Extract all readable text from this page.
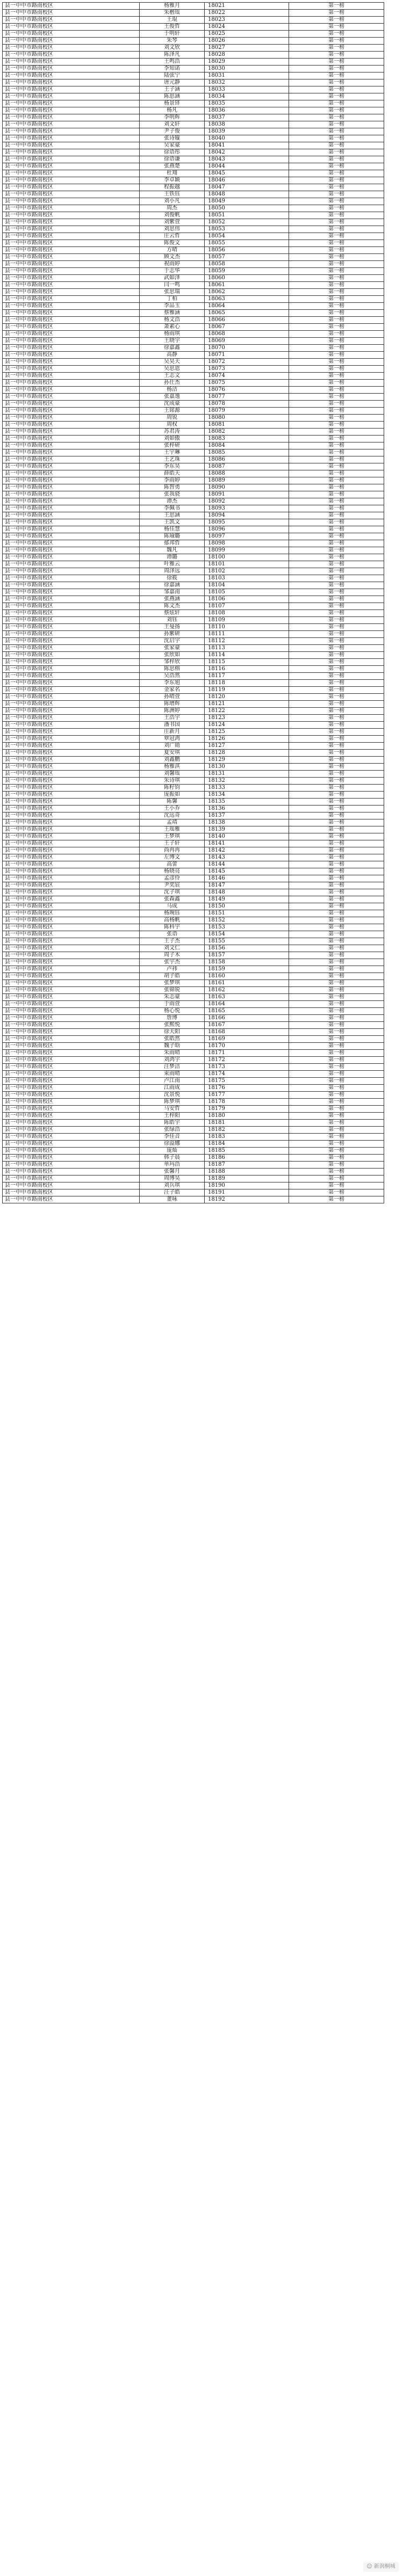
县一中中市路南校区	杨雅月	18021	第一榜
县一中中市路南校区	朱楷瑶	18022	第一榜
县一中中市路南校区	王琨	18023	第一榜
县一中中市路南校区	王俊哲	18024	第一榜
县一中中市路南校区	于明轩	18025	第一榜
县一中中市路南校区	朱琴	18026	第一榜
县一中中市路南校区	刘文欣	18027	第一榜
县一中中市路南校区	陈泽凡	18028	第一榜
县一中中市路南校区	王鸣浩	18029	第一榜
县一中中市路南校区	李知诺	18030	第一榜
县一中中市路南校区	陆弦宁	18031	第一榜
县一中中市路南校区	唐元静	18032	第一榜
县一中中市路南校区	王子涵	18033	第一榜
县一中中市路南校区	陈思涵	18034	第一榜
县一中中市路南校区	杨景铎	18035	第一榜
县一中中市路南校区	杨凡	18036	第一榜
县一中中市路南校区	李明辉	18037	第一榜
县一中中市路南校区	刘文轩	18038	第一榜
县一中中市路南校区	尹子俊	18039	第一榜
县一中中市路南校区	张诗璇	18040	第一榜
县一中中市路南校区	吴家豪	18041	第一榜
县一中中市路南校区	徐语彤	18042	第一榜
县一中中市路南校区	徐语谦	18043	第一榜
县一中中市路南校区	张燕楚	18044	第一榜
县一中中市路南校区	杜翔	18045	第一榜
县一中中市路南校区	李卓颖	18046	第一榜
县一中中市路南校区	程振越	18047	第一榜
县一中中市路南校区	王铁钰	18048	第一榜
县一中中市路南校区	刘小凡	18049	第一榜
县一中中市路南校区	周杰	18050	第一榜
县一中中市路南校区	刘俊帆	18051	第一榜
县一中中市路南校区	刘紫萱	18052	第一榜
县一中中市路南校区	刘思伟	18053	第一榜
县一中中市路南校区	庄云哲	18054	第一榜
县一中中市路南校区	陈俊文	18055	第一榜
县一中中市路南校区	方晴	18056	第一榜
县一中中市路南校区	顾文杰	18057	第一榜
县一中中市路南校区	祝雨婷	18058	第一榜
县一中中市路南校区	于志华	18059	第一榜
县一中中市路南校区	武如泽	18060	第一榜
县一中中市路南校区	闫一鸣	18061	第一榜
县一中中市路南校区	张思瑞	18062	第一榜
县一中中市路南校区	丁柏	18063	第一榜
县一中中市路南校区	李品玉	18064	第一榜
县一中中市路南校区	蔡雅涵	18065	第一榜
县一中中市路南校区	杨文浩	18066	第一榜
县一中中市路南校区	萧素心	18067	第一榜
县一中中市路南校区	杨雨琪	18068	第一榜
县一中中市路南校区	王晓宇	18069	第一榜
县一中中市路南校区	徐嘉鑫	18070	第一榜
县一中中市路南校区	高静	18071	第一榜
县一中中市路南校区	吴昊天	18072	第一榜
县一中中市路南校区	吴思恩	18073	第一榜
县一中中市路南校区	王志文	18074	第一榜
县一中中市路南校区	孙仕杰	18075	第一榜
县一中中市路南校区	杨洁	18076	第一榜
县一中中市路南校区	张嘉逸	18077	第一榜
县一中中市路南校区	沈成豪	18078	第一榜
县一中中市路南校区	王铭源	18079	第一榜
县一中中市路南校区	周锐	18080	第一榜
县一中中市路南校区	周权	18081	第一榜
县一中中市路南校区	苏君涛	18082	第一榜
县一中中市路南校区	刘如傲	18083	第一榜
县一中中市路南校区	张梓研	18084	第一榜
县一中中市路南校区	王宇琳	18085	第一榜
县一中中市路南校区	王艺珠	18086	第一榜
县一中中市路南校区	李东昊	18087	第一榜
县一中中市路南校区	薛皓天	18088	第一榜
县一中中市路南校区	李雨婷	18089	第一榜
县一中中市路南校区	陈智勇	18090	第一榜
县一中中市路南校区	张我骁	18091	第一榜
县一中中市路南校区	谭杰	18092	第一榜
县一中中市路南校区	李佩书	18093	第一榜
县一中中市路南校区	王思涵	18094	第一榜
县一中中市路南校区	王凯文	18095	第一榜
县一中中市路南校区	杨佳慧	18096	第一榜
县一中中市路南校区	陈瑜璐	18097	第一榜
县一中中市路南校区	郁邦哲	18098	第一榜
县一中中市路南校区	魏凡	18099	第一榜
县一中中市路南校区	谭璐	18100	第一榜
县一中中市路南校区	叶雅云	18101	第一榜
县一中中市路南校区	周泽远	18102	第一榜
县一中中市路南校区	徐筱	18103	第一榜
县一中中市路南校区	徐嘉涵	18104	第一榜
县一中中市路南校区	邹嘉南	18105	第一榜
县一中中市路南校区	张燕涵	18106	第一榜
县一中中市路南校区	陈文杰	18107	第一榜
县一中中市路南校区	蔡炫轩	18108	第一榜
县一中中市路南校区	刘钰	18109	第一榜
县一中中市路南校区	王曼扬	18110	第一榜
县一中中市路南校区	孙紫研	18111	第一榜
县一中中市路南校区	沈启宇	18112	第一榜
县一中中市路南校区	张家豪	18113	第一榜
县一中中市路南校区	张欣如	18114	第一榜
县一中中市路南校区	邹梓欣	18115	第一榜
县一中中市路南校区	陈思榕	18116	第一榜
县一中中市路南校区	吴浩然	18117	第一榜
县一中中市路南校区	李东旭	18118	第一榜
县一中中市路南校区	金家名	18119	第一榜
县一中中市路南校区	孙晴萱	18120	第一榜
县一中中市路南校区	陈增辉	18121	第一榜
县一中中市路南校区	陈洲婷	18122	第一榜
县一中中市路南校区	王浩宇	18123	第一榜
县一中中市路南校区	潘书国	18124	第一榜
县一中中市路南校区	庄新月	18125	第一榜
县一中中市路南校区	覃冠鸿	18126	第一榜
县一中中市路南校区	刘广勋	18127	第一榜
县一中中市路南校区	夏安琪	18128	第一榜
县一中中市路南校区	刘鑫鹏	18129	第一榜
县一中中市路南校区	杨雅淇	18130	第一榜
县一中中市路南校区	刘馨瑶	18131	第一榜
县一中中市路南校区	朱诗琪	18132	第一榜
县一中中市路南校区	陈籽钧	18133	第一榜
县一中中市路南校区	庞振如	18134	第一榜
县一中中市路南校区	陈馨	18135	第一榜
县一中中市路南校区	王小乔	18136	第一榜
县一中中市路南校区	沈远奇	18137	第一榜
县一中中市路南校区	孟靖	18138	第一榜
县一中中市路南校区	王瑶雅	18139	第一榜
县一中中市路南校区	王梦琪	18140	第一榜
县一中中市路南校区	王子轩	18141	第一榜
县一中中市路南校区	尚冉冉	18142	第一榜
县一中中市路南校区	左博文	18143	第一榜
县一中中市路南校区	高蕾	18144	第一榜
县一中中市路南校区	杨晓亮	18145	第一榜
县一中中市路南校区	孟彦伶	18146	第一榜
县一中中市路南校区	尹奕宸	18147	第一榜
县一中中市路南校区	沈子琪	18148	第一榜
县一中中市路南校区	张森鑫	18149	第一榜
县一中中市路南校区	马成	18150	第一榜
县一中中市路南校区	杨琬钰	18151	第一榜
县一中中市路南校区	高杨帆	18152	第一榜
县一中中市路南校区	陈科宇	18153	第一榜
县一中中市路南校区	张语	18154	第一榜
县一中中市路南校区	王子杰	18155	第一榜
县一中中市路南校区	刘文仁	18156	第一榜
县一中中市路南校区	周子木	18157	第一榜
县一中中市路南校区	张宇杰	18158	第一榜
县一中中市路南校区	卢祎	18159	第一榜
县一中中市路南校区	胡子皓	18160	第一榜
县一中中市路南校区	张梦琪	18161	第一榜
县一中中市路南校区	张锦锐	18162	第一榜
县一中中市路南校区	朱志豪	18163	第一榜
县一中中市路南校区	于雨萱	18164	第一榜
县一中中市路南校区	杨心悦	18165	第一榜
县一中中市路南校区	詹博	18166	第一榜
县一中中市路南校区	张熙悦	18167	第一榜
县一中中市路南校区	徐天阳	18168	第一榜
县一中中市路南校区	张皓然	18169	第一榜
县一中中市路南校区	魏子晗	18170	第一榜
县一中中市路南校区	朱雨晴	18171	第一榜
县一中中市路南校区	刘鸿宇	18172	第一榜
县一中中市路南校区	汪梦洁	18173	第一榜
县一中中市路南校区	束雨晴	18174	第一榜
县一中中市路南校区	卢江南	18175	第一榜
县一中中市路南校区	江雨成	18176	第一榜
县一中中市路南校区	沈景悦	18177	第一榜
县一中中市路南校区	陈梦琪	18178	第一榜
县一中中市路南校区	马安哲	18179	第一榜
县一中中市路南校区	王梓阳	18180	第一榜
县一中中市路南校区	陈皓宇	18181	第一榜
县一中中市路南校区	张绿浩	18182	第一榜
县一中中市路南校区	李佳音	18183	第一榜
县一中中市路南校区	徐溢娜	18184	第一榜
县一中中市路南校区	庞灿	18185	第一榜
县一中中市路南校区	韩子晨	18186	第一榜
县一中中市路南校区	单玛浩	18187	第一榜
县一中中市路南校区	张馨月	18188	第一榜
县一中中市路南校区	周博昊	18189	第一榜
县一中中市路南校区	刘兵琪	18190	第一榜
县一中中市路南校区	汪子皓	18191	第一榜
县一中中市路南校区	董咏	18192	第一榜
☺ 新润桐城
